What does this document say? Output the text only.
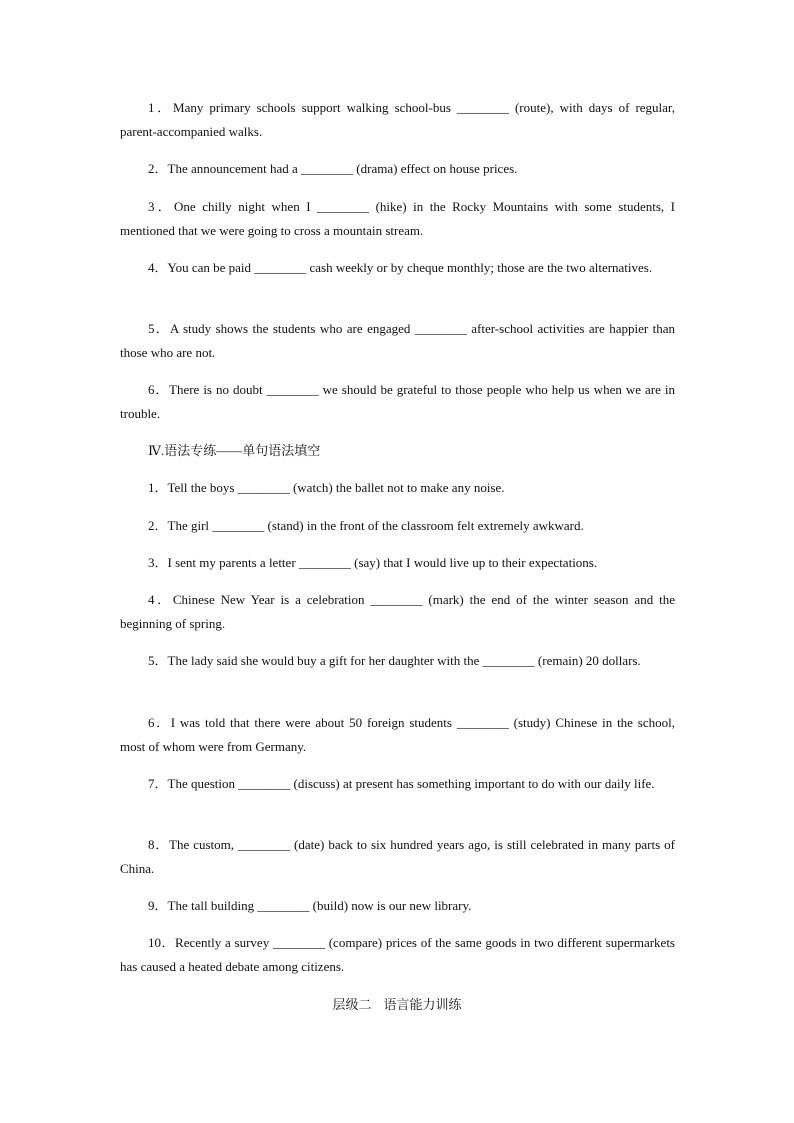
1．Many primary schools support walking school-bus ________ (route), with days of regular, parent-accompanied walks.
2．The announcement had a ________ (drama) effect on house prices.
3．One chilly night when I ________ (hike) in the Rocky Mountains with some students, I mentioned that we were going to cross a mountain stream.
4．You can be paid ________ cash weekly or by cheque monthly; those are the two alternatives.
5．A study shows the students who are engaged ________ after-school activities are happier than those who are not.
6．There is no doubt ________ we should be grateful to those people who help us when we are in trouble.
Ⅳ.语法专练——单句语法填空
1．Tell the boys ________ (watch) the ballet not to make any noise.
2．The girl ________ (stand) in the front of the classroom felt extremely awkward.
3．I sent my parents a letter ________ (say) that I would live up to their expectations.
4．Chinese New Year is a celebration ________ (mark) the end of the winter season and the beginning of spring.
5．The lady said she would buy a gift for her daughter with the ________ (remain) 20 dollars.
6．I was told that there were about 50 foreign students ________ (study) Chinese in the school, most of whom were from Germany.
7．The question ________ (discuss) at present has something important to do with our daily life.
8．The custom, ________ (date) back to six hundred years ago, is still celebrated in many parts of China.
9．The tall building ________ (build) now is our new library.
10．Recently a survey ________ (compare) prices of the same goods in two different supermarkets has caused a heated debate among citizens.
层级二 语言能力训练
